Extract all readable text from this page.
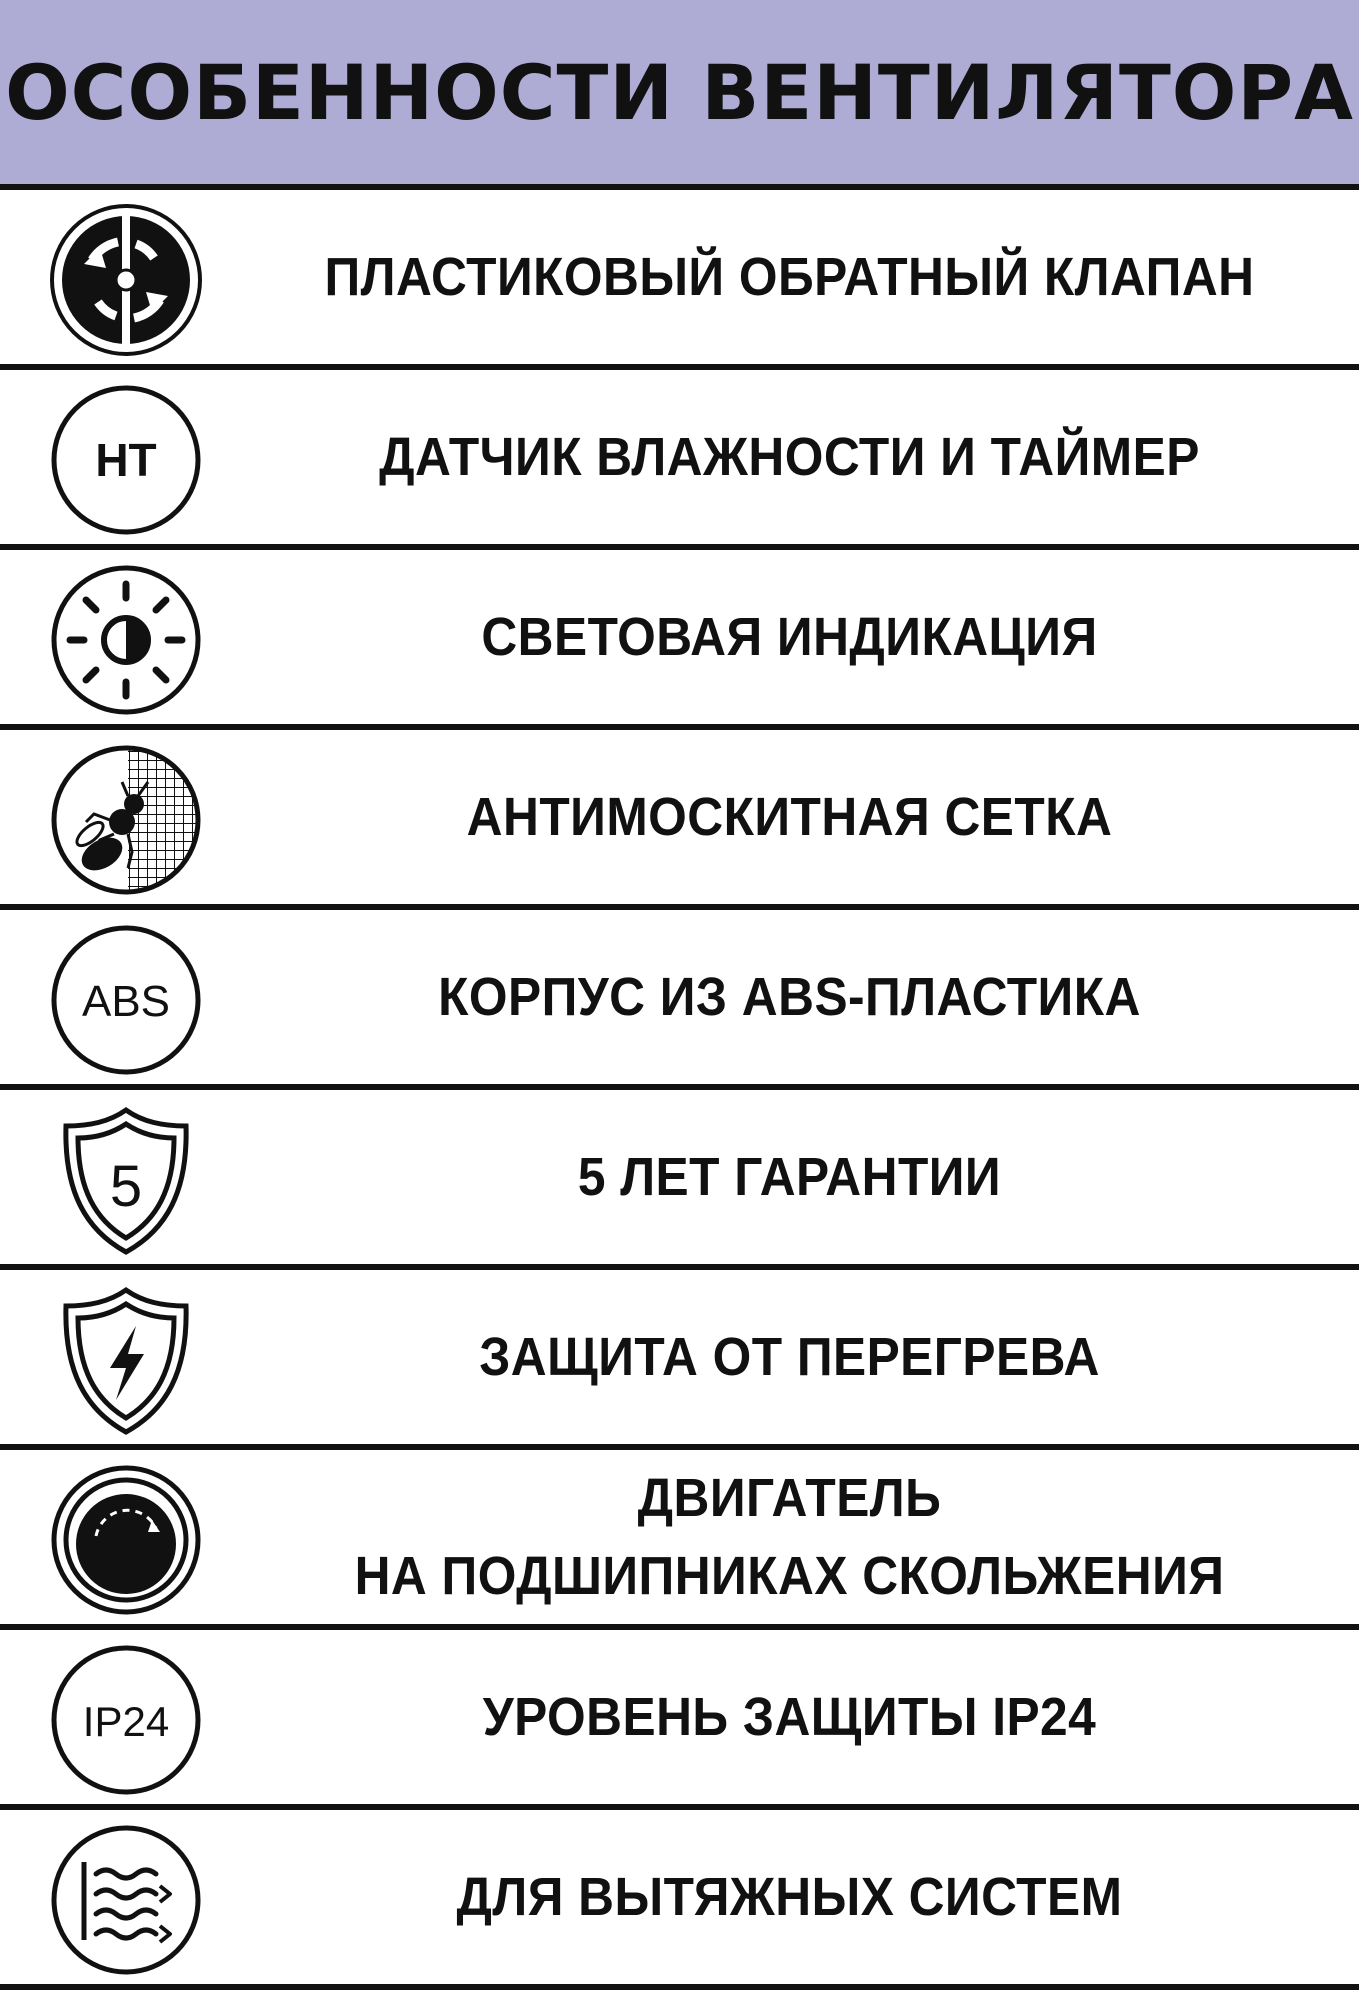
ОСОБЕННОСТИ ВЕНТИЛЯТОРА
ПЛАСТИКОВЫЙ ОБРАТНЫЙ КЛАПАН
HT	ДАТЧИК ВЛАЖНОСТИ И ТАЙМЕР
СВЕТОВАЯ ИНДИКАЦИЯ
АНТИМОСКИТНАЯ СЕТКА
ABS	КОРПУС ИЗ ABS-ПЛАСТИКА
5	5 ЛЕТ ГАРАНТИИ
ЗАЩИТА ОТ ПЕРЕГРЕВА
ДВИГАТЕЛЬ
НА ПОДШИПНИКАХ СКОЛЬЖЕНИЯ
IP24	УРОВЕНЬ ЗАЩИТЫ IP24
ДЛЯ ВЫТЯЖНЫХ СИСТЕМ
